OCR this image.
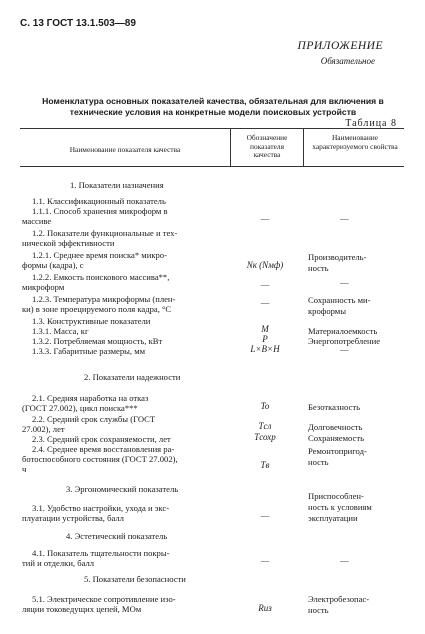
С. 13 ГОСТ 13.1.503—89
ПРИЛОЖЕНИЕ
Обязательное
Номенклатура основных показателей качества, обязательная для включения в технические условия на конкретные модели поисковых устройств
Таблица 8
Наименование показателя качества
Обозначение показателя качества
Наименование характеризуемого свойства
1. Показатели назначения
1.1. Классификационный показатель
1.1.1. Способ хранения микроформ в
массиве	—	—
1.2. Показатели функциональные и тех-
нической эффективности
1.2.1. Среднее время поиска* микро-
формы (кадра), с	Nк (Nмф)
Производитель-
ность
1.2.2. Емкость поискового массива**,
микроформ	—	—
1.2.3. Температура микроформы (плен-
ки) в зоне проецируемого поля кадра, °С
—	Сохранность ми-
кроформы
1.3. Конструктивные показатели
1.3.1. Масса, кг	M	Материалоемкость
1.3.2. Потребляемая мощность, кВт	P	Энергопотребление
1.3.3. Габаритные размеры, мм	L×B×H	—
2. Показатели надежности
2.1. Средняя наработка на отказ
(ГОСТ 27.002), цикл поиска***	To	Безотказность
2.2. Средний срок службы (ГОСТ
27.002), лет	Tсл	Долговечность
2.3. Средний срок сохраняемости, лет	Tсохр	Сохраняемость
2.4. Среднее время восстановления ра-
ботоспособного состояния (ГОСТ 27.002),
ч	Tв
Ремонтопригод-
ность
3. Эргономический показатель
3.1. Удобство настройки, ухода и экс-
плуатации устройства, балл	—
Приспособлен-
ность к условиям
эксплуатации
4. Эстетический показатель
4.1. Показатель тщательности покры-
тий и отделки, балл	—	—
5. Показатели безопасности
5.1. Электрическое сопротивление изо-
ляции токоведущих цепей, МОм	Rиз
Электробезопас-
ность
